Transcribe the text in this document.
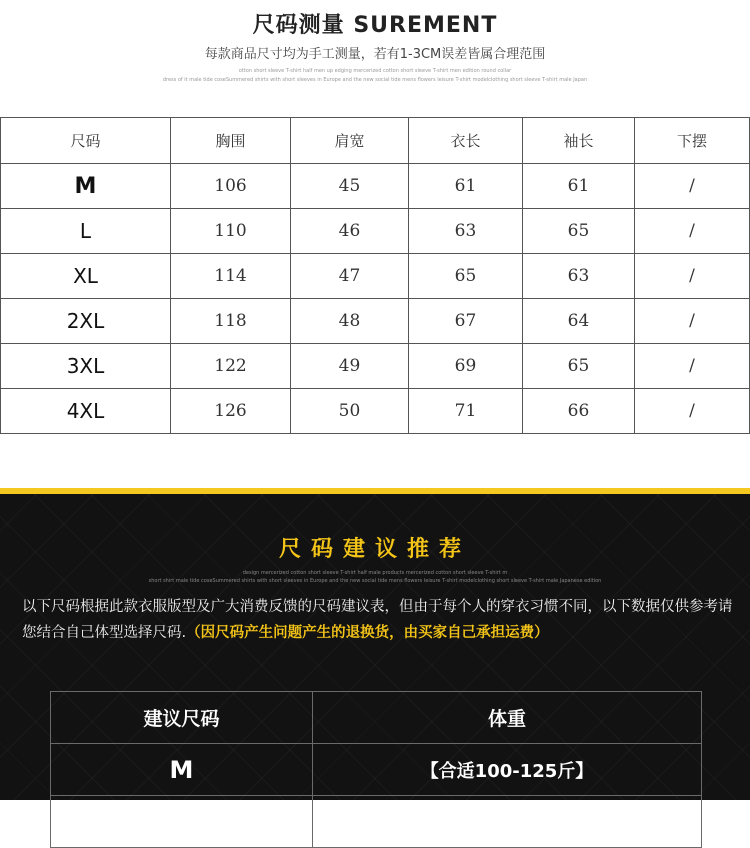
尺码测量 SUREMENT
每款商品尺寸均为手工测量，若有1-3CM误差皆属合理范围
otton short sleeve T-shirt half men up edging mercerized cotton short sleeve T-shirt men edition round collar
dress of it male tide coseSummered shirts with short sleeves in Europe and the new social tide mens flowers leisure T-shirt modelclothing short sleeve T-shirt male Japan
尺码	胸围	肩宽	衣长	袖长	下摆
M	106	45	61	61	/
L	110	46	63	65	/
XL	114	47	65	63	/
2XL	118	48	67	64	/
3XL	122	49	69	65	/
4XL	126	50	71	66	/
尺码建议推荐
design mercerized cotton short sleeve T-shirt half male products mercerized cotton short sleeve T-shirt m
short shirt male tide coseSummered shirts with short sleeves in Europe and the new social tide mens flowers leisure T-shirt modelclothing short sleeve T-shirt male Japanese edition
以下尺码根据此款衣服版型及广大消费反馈的尺码建议表，但由于每个人的穿衣习惯不同，以下数据仅供参考请您结合自己体型选择尺码.（因尺码产生问题产生的退换货，由买家自己承担运费）
建议尺码	体重
M	【合适100-125斤】
